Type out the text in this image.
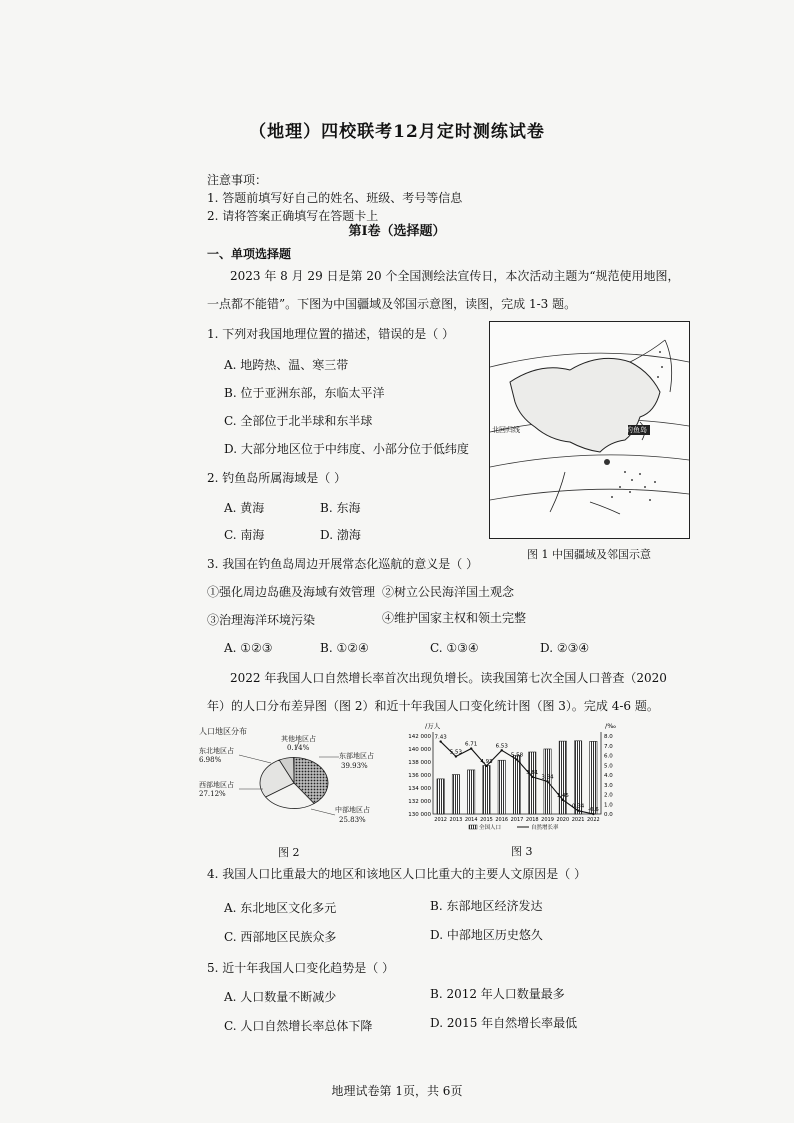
（地理）四校联考12月定时测练试卷
注意事项：
1. 答题前填写好自己的姓名、班级、考号等信息
2. 请将答案正确填写在答题卡上
第Ⅰ卷（选择题）
一、单项选择题
2023 年 8 月 29 日是第 20 个全国测绘法宣传日，本次活动主题为“规范使用地图，
一点都不能错”。下图为中国疆域及邻国示意图，读图，完成 1-3 题。
1. 下列对我国地理位置的描述，错误的是（ ）
A. 地跨热、温、寒三带
B. 位于亚洲东部，东临太平洋
C. 全部位于北半球和东半球
D. 大部分地区位于中纬度、小部分位于低纬度
2. 钓鱼岛所属海域是（ ）
A. 黄海	B. 东海
C. 南海	D. 渤海
北回归线	钓鱼岛
图 1 中国疆域及邻国示意
3. 我国在钓鱼岛周边开展常态化巡航的意义是（ ）
①强化周边岛礁及海域有效管理 ②树立公民海洋国土观念
③治理海洋环境污染	④维护国家主权和领土完整
A. ①②③	B. ①②④	C. ①③④	D. ②③④
2022 年我国人口自然增长率首次出现负增长。读我国第七次全国人口普查（2020
年）的人口分布差异图（图 2）和近十年我国人口变化统计图（图 3）。完成 4-6 题。
人口地区分布
其他地区占
0.14%
东北地区占
6.98%	东部地区占
39.93%
西部地区占
27.12%
中部地区占
25.83%
图 2
/万人	/‰
130 000
132 000
134 000
136 000
138 000
140 000
142 000
0.0
1.0
2.0
3.0
4.0
5.0
6.0
7.0
8.0
7.43
5.53
6.71
4.93
6.53
5.58
3.81
3.34
1.45
0.34
-0.6
2012 2013 2014 2015 2016 2017 2018 2019 2020 2021 2022
全国人口	自然增长率
图 3
4. 我国人口比重最大的地区和该地区人口比重大的主要人文原因是（ ）
A. 东北地区文化多元	B. 东部地区经济发达
C. 西部地区民族众多	D. 中部地区历史悠久
5. 近十年我国人口变化趋势是（ ）
A. 人口数量不断减少	B. 2012 年人口数量最多
C. 人口自然增长率总体下降	D. 2015 年自然增长率最低
地理试卷第 1页，共 6页
